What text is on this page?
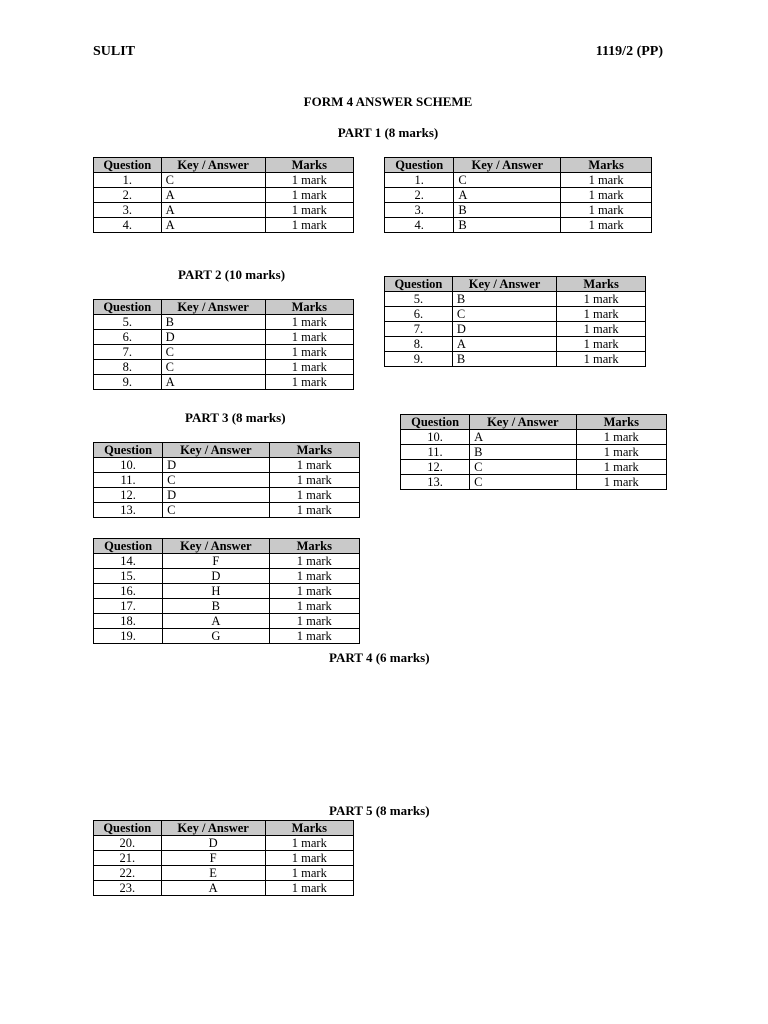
SULIT	1119/2 (PP)
FORM 4 ANSWER SCHEME
PART 1 (8 marks)
PART 2 (10 marks)
PART 3 (8 marks)
PART 4 (6 marks)
PART 5 (8 marks)
Question	Key / Answer	Marks
1.	C	1 mark
2.	A	1 mark
3.	A	1 mark
4.	A	1 mark
Question	Key / Answer	Marks
1.	C	1 mark
2.	A	1 mark
3.	B	1 mark
4.	B	1 mark
Question	Key / Answer	Marks
5.	B	1 mark
6.	C	1 mark
7.	D	1 mark
8.	A	1 mark
9.	B	1 mark
Question	Key / Answer	Marks
5.	B	1 mark
6.	D	1 mark
7.	C	1 mark
8.	C	1 mark
9.	A	1 mark
Question	Key / Answer	Marks
10.	A	1 mark
11.	B	1 mark
12.	C	1 mark
13.	C	1 mark
Question	Key / Answer	Marks
10.	D	1 mark
11.	C	1 mark
12.	D	1 mark
13.	C	1 mark
Question	Key / Answer	Marks
14.	F	1 mark
15.	D	1 mark
16.	H	1 mark
17.	B	1 mark
18.	A	1 mark
19.	G	1 mark
Question	Key / Answer	Marks
20.	D	1 mark
21.	F	1 mark
22.	E	1 mark
23.	A	1 mark
